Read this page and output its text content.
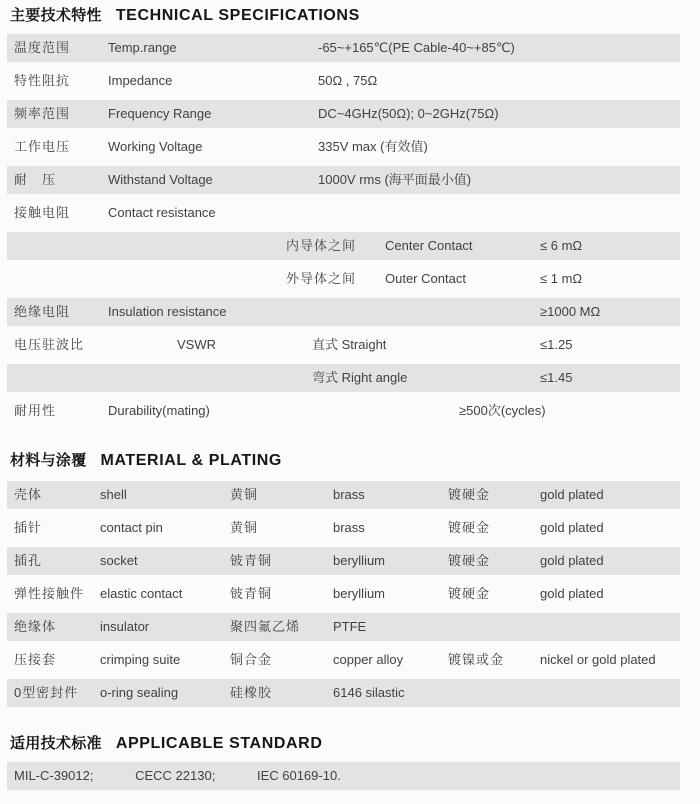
主要技术特性 TECHNICAL SPECIFICATIONS
温度范围	Temp.range	-65~+165℃(PE Cable-40~+85℃)
特性阻抗	Impedance	50Ω , 75Ω
频率范围	Frequency Range	DC~4GHz(50Ω); 0~2GHz(75Ω)
工作电压	Working Voltage	335V max (有效值)
耐　压	Withstand Voltage	1000V rms (海平面最小值)
接触电阻	Contact resistance
内导体之间 Center Contact	≤ 6 mΩ
外导体之间 Outer Contact	≤ 1 mΩ
绝缘电阻	Insulation resistance	≥1000 MΩ
电压驻波比	VSWR	直式 Straight	≤1.25
弯式 Right angle	≤1.45
耐用性	Durability(mating)	≥500次(cycles)
材料与涂覆 MATERIAL & PLATING
壳体	shell	黄铜	brass	镀硬金	gold plated
插针	contact pin	黄铜	brass	镀硬金	gold plated
插孔	socket	铍青铜	beryllium	镀硬金	gold plated
弹性接触件 elastic contact	铍青铜	beryllium	镀硬金	gold plated
绝缘体	insulator	聚四氟乙烯	PTFE
压接套	crimping suite	铜合金	copper alloy	镀镍或金	nickel or gold plated
0型密封件 o-ring sealing	硅橡胶	6146 silastic
适用技术标准 APPLICABLE STANDARD
MIL-C-39012;	CECC 22130;	IEC 60169-10.
